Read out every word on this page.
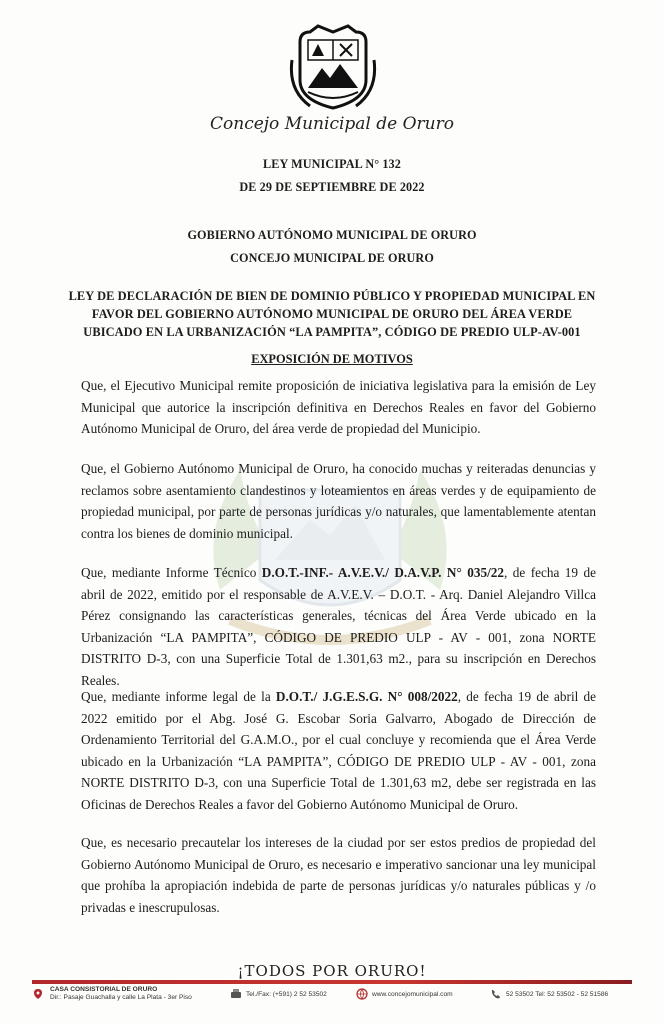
Concejo Municipal de Oruro
LEY MUNICIPAL N° 132
DE 29 DE SEPTIEMBRE DE 2022
GOBIERNO AUTÓNOMO MUNICIPAL DE ORURO
CONCEJO MUNICIPAL DE ORURO
LEY DE DECLARACIÓN DE BIEN DE DOMINIO PÚBLICO Y PROPIEDAD MUNICIPAL EN
FAVOR DEL GOBIERNO AUTÓNOMO MUNICIPAL DE ORURO DEL ÁREA VERDE
UBICADO EN LA URBANIZACIÓN “LA PAMPITA”, CÓDIGO DE PREDIO ULP-AV-001
EXPOSICIÓN DE MOTIVOS

Que, el Ejecutivo Municipal remite proposición de iniciativa legislativa para la emisión de Ley Municipal que autorice la inscripción definitiva en Derechos Reales en favor del Gobierno Autónomo Municipal de Oruro, del área verde de propiedad del Municipio.

Que, el Gobierno Autónomo Municipal de Oruro, ha conocido muchas y reiteradas denuncias y reclamos sobre asentamiento clandestinos y loteamientos en áreas verdes y de equipamiento de propiedad municipal, por parte de personas jurídicas y/o naturales, que lamentablemente atentan contra los bienes de dominio municipal.

Que, mediante Informe Técnico D.O.T.-INF.- A.V.E.V./ D.A.V.P. N° 035/22, de fecha 19 de abril de 2022, emitido por el responsable de A.V.E.V. – D.O.T. - Arq. Daniel Alejandro Villca Pérez consignando las características generales, técnicas del Área Verde ubicado en la Urbanización “LA PAMPITA”, CÓDIGO DE PREDIO ULP - AV - 001, zona NORTE DISTRITO D-3, con una Superficie Total de 1.301,63 m2., para su inscripción en Derechos Reales.

Que, mediante informe legal de la D.O.T./ J.G.E.S.G. N° 008/2022, de fecha 19 de abril de 2022 emitido por el Abg. José G. Escobar Soria Galvarro, Abogado de Dirección de Ordenamiento Territorial del G.A.M.O., por el cual concluye y recomienda que el Área Verde ubicado en la Urbanización “LA PAMPITA”, CÓDIGO DE PREDIO ULP - AV - 001, zona NORTE DISTRITO D-3, con una Superficie Total de 1.301,63 m2, debe ser registrada en las Oficinas de Derechos Reales a favor del Gobierno Autónomo Municipal de Oruro.

Que, es necesario precautelar los intereses de la ciudad por ser estos predios de propiedad del Gobierno Autónomo Municipal de Oruro, es necesario e imperativo sancionar una ley municipal que prohíba la apropiación indebida de parte de personas jurídicas y/o naturales públicas y /o privadas e inescrupulosas.

¡TODOS POR ORURO!
CASA CONSISTORIAL DE ORURO
Dir.: Pasaje Guachalla y calle La Plata - 3er Piso	Tel./Fax: (+591) 2 52 53502	www.concejomunicipal.com	52 53502 Tel: 52 53502 - 52 51586
